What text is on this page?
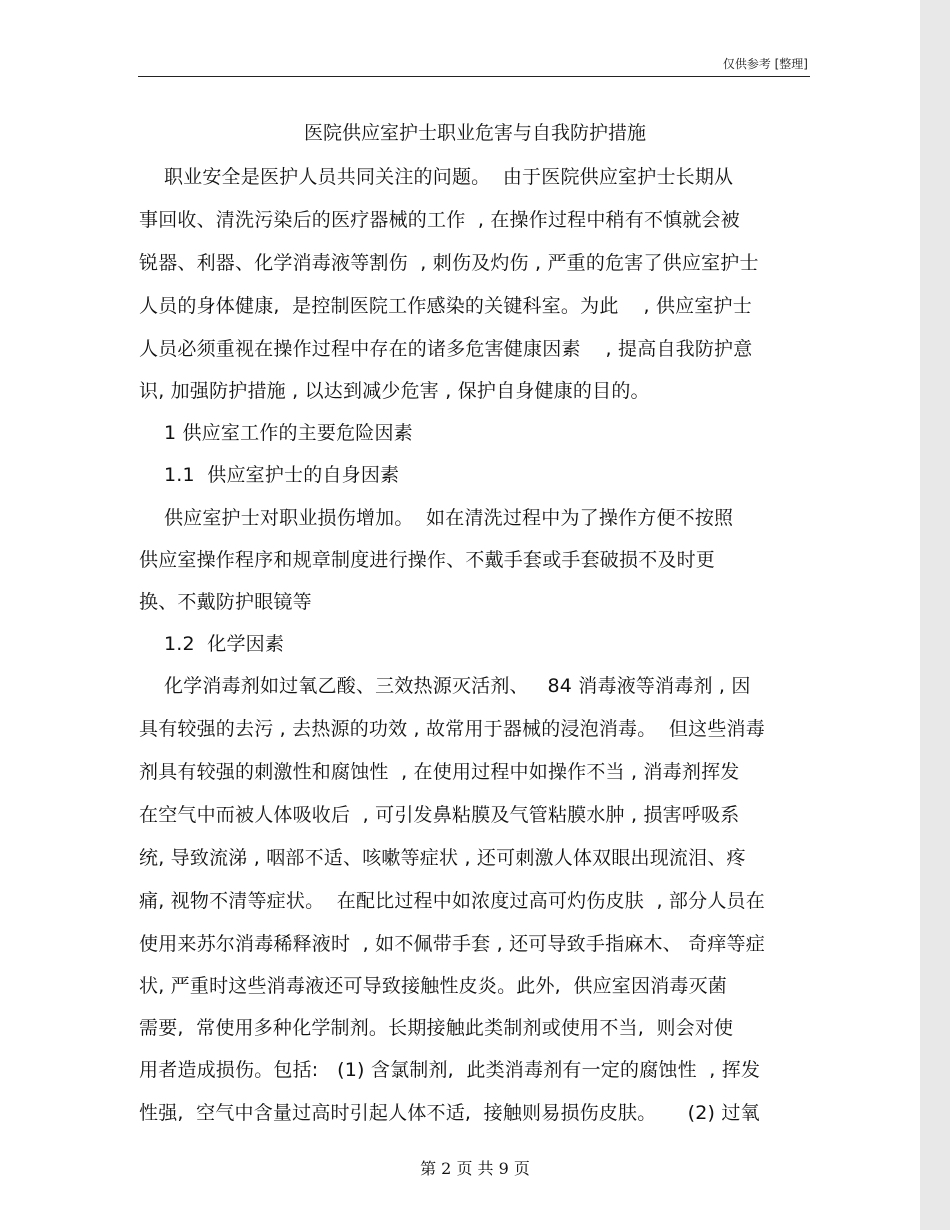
仅供参考 [整理]
医院供应室护士职业危害与自我防护措施
职业安全是医护人员共同关注的问题。  由于医院供应室护士长期从
事回收、清洗污染后的医疗器械的工作  , 在操作过程中稍有不慎就会被
锐器、利器、化学消毒液等割伤  , 刺伤及灼伤 , 严重的危害了供应室护士
人员的身体健康,  是控制医院工作感染的关键科室。为此    , 供应室护士
人员必须重视在操作过程中存在的诸多危害健康因素    , 提高自我防护意
识, 加强防护措施 , 以达到减少危害 , 保护自身健康的目的。
1 供应室工作的主要危险因素
1.1  供应室护士的自身因素
供应室护士对职业损伤增加。  如在清洗过程中为了操作方便不按照
供应室操作程序和规章制度进行操作、不戴手套或手套破损不及时更
换、不戴防护眼镜等
1.2  化学因素
化学消毒剂如过氧乙酸、三效热源灭活剂、   84 消毒液等消毒剂 , 因
具有较强的去污 , 去热源的功效 , 故常用于器械的浸泡消毒。  但这些消毒
剂具有较强的刺激性和腐蚀性  , 在使用过程中如操作不当 , 消毒剂挥发
在空气中而被人体吸收后  , 可引发鼻粘膜及气管粘膜水肿 , 损害呼吸系
统, 导致流涕 , 咽部不适、咳嗽等症状 , 还可刺激人体双眼出现流泪、疼
痛, 视物不清等症状。  在配比过程中如浓度过高可灼伤皮肤  , 部分人员在
使用来苏尔消毒稀释液时  , 如不佩带手套 , 还可导致手指麻木、 奇痒等症
状, 严重时这些消毒液还可导致接触性皮炎。此外,  供应室因消毒灭菌
需要,  常使用多种化学制剂。长期接触此类制剂或使用不当,  则会对使
用者造成损伤。包括:   (1) 含氯制剂,  此类消毒剂有一定的腐蚀性  , 挥发
性强,  空气中含量过高时引起人体不适,  接触则易损伤皮肤。     (2) 过氧
第 2 页 共 9 页
